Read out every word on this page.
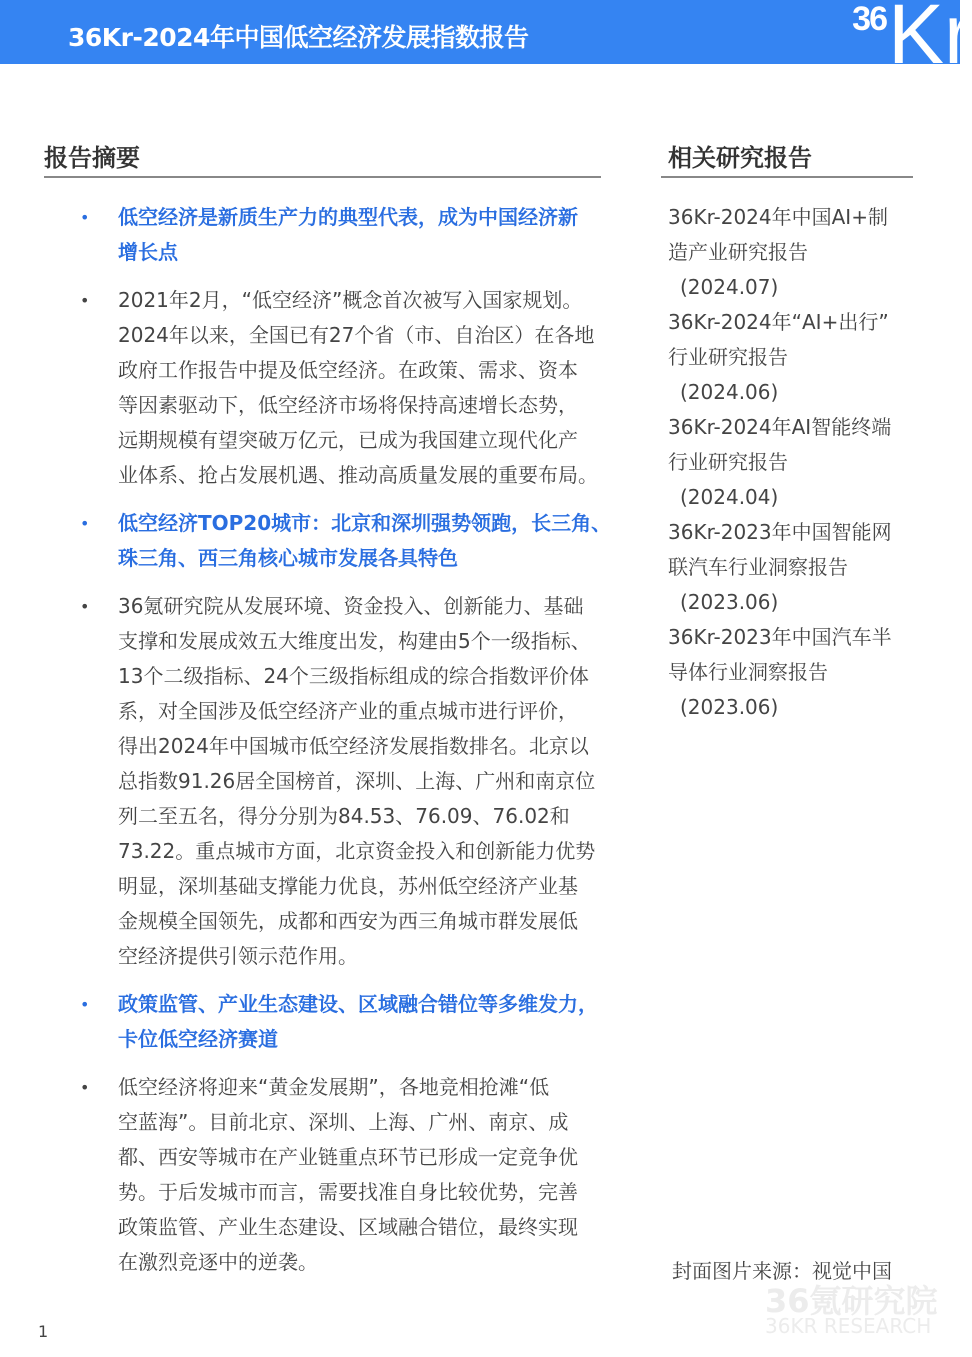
36Kr-2024年中国低空经济发展指数报告	36 Kr
报告摘要	相关研究报告
• 低空经济是新质生产力的典型代表，成为中国经济新
增长点
• 2021年2月，“低空经济”概念首次被写入国家规划。
2024年以来，全国已有27个省（市、自治区）在各地
政府工作报告中提及低空经济。在政策、需求、资本
等因素驱动下，低空经济市场将保持高速增长态势，
远期规模有望突破万亿元，已成为我国建立现代化产
业体系、抢占发展机遇、推动高质量发展的重要布局。
• 低空经济TOP20城市：北京和深圳强势领跑，长三角、
珠三角、西三角核心城市发展各具特色
• 36氪研究院从发展环境、资金投入、创新能力、基础
支撑和发展成效五大维度出发，构建由5个一级指标、
13个二级指标、24个三级指标组成的综合指数评价体
系，对全国涉及低空经济产业的重点城市进行评价，
得出2024年中国城市低空经济发展指数排名。北京以
总指数91.26居全国榜首，深圳、上海、广州和南京位
列二至五名，得分分别为84.53、76.09、76.02和
73.22。重点城市方面，北京资金投入和创新能力优势
明显，深圳基础支撑能力优良，苏州低空经济产业基
金规模全国领先，成都和西安为西三角城市群发展低
空经济提供引领示范作用。
• 政策监管、产业生态建设、区域融合错位等多维发力，
卡位低空经济赛道
• 低空经济将迎来“黄金发展期”，各地竞相抢滩“低
空蓝海”。目前北京、深圳、上海、广州、南京、成
都、西安等城市在产业链重点环节已形成一定竞争优
势。于后发城市而言，需要找准自身比较优势，完善
政策监管、产业生态建设、区域融合错位，最终实现
在激烈竞逐中的逆袭。
36Kr-2024年中国AI+制
造产业研究报告
(2024.07)
36Kr-2024年“AI+出行”
行业研究报告
(2024.06)
36Kr-2024年AI智能终端
行业研究报告
(2024.04)
36Kr-2023年中国智能网
联汽车行业洞察报告
(2023.06)
36Kr-2023年中国汽车半
导体行业洞察报告
(2023.06)
封面图片来源：视觉中国
36氪研究院
36KR RESEARCH
1
